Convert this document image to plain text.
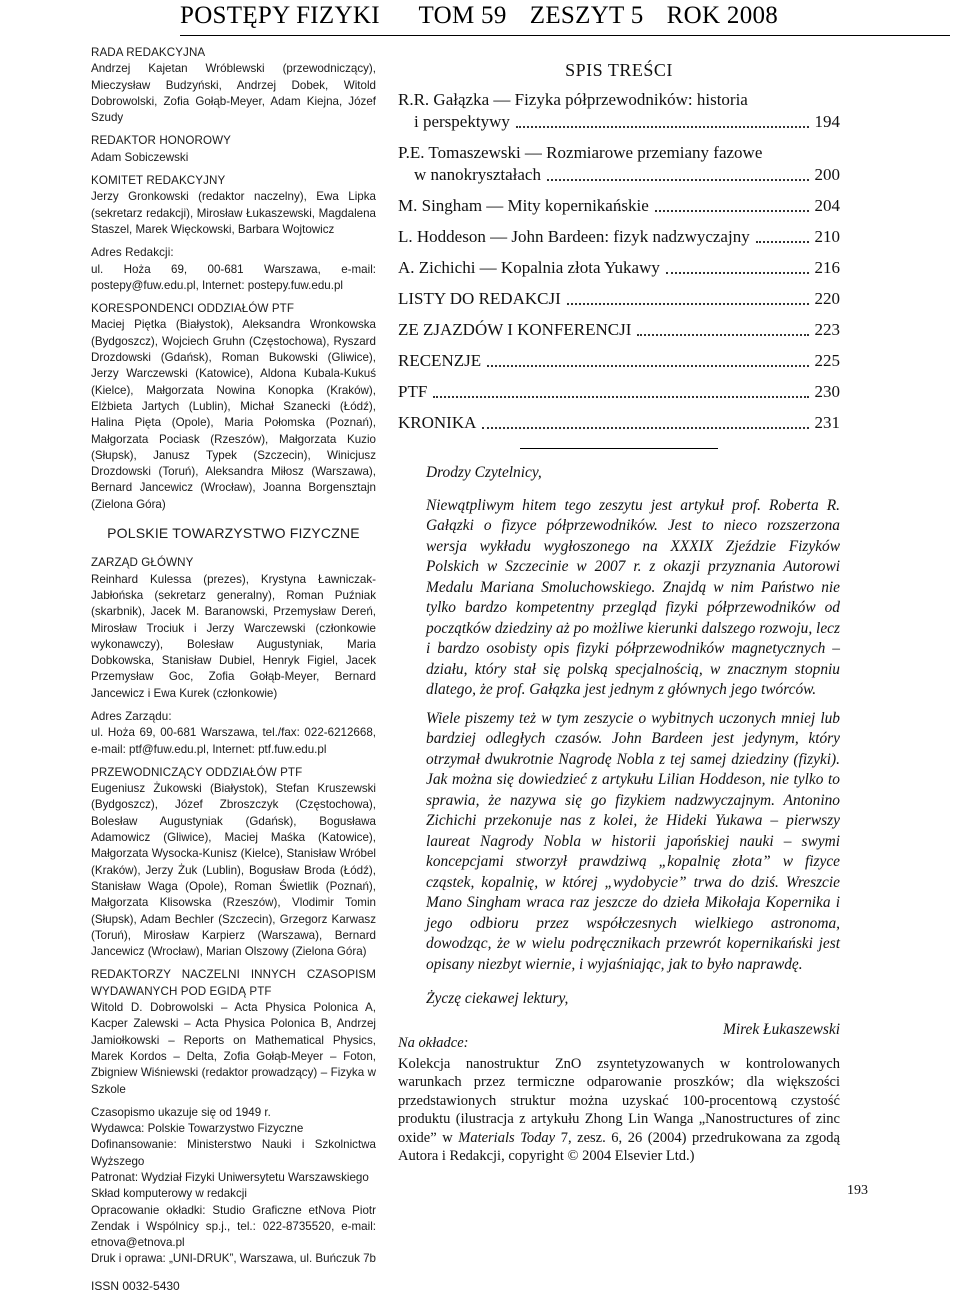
POSTĘPY FIZYKI TOM 59 ZESZYT 5 ROK 2008
RADA REDAKCYJNA

Andrzej Kajetan Wróblewski (przewodniczący), Mieczysław Budzyński, Andrzej Dobek, Witold Dobrowolski, Zofia Gołąb-Meyer, Adam Kiejna, Józef Szudy

REDAKTOR HONOROWY

Adam Sobiczewski

KOMITET REDAKCYJNY

Jerzy Gronkowski (redaktor naczelny), Ewa Lipka (sekretarz redakcji), Mirosław Łukaszewski, Magdalena Staszel, Marek Więckowski, Barbara Wojtowicz

Adres Redakcji:

ul. Hoża 69, 00-681 Warszawa, e-mail: postepy@fuw.edu.pl, Internet: postepy.fuw.edu.pl

KORESPONDENCI ODDZIAŁÓW PTF

Maciej Piętka (Białystok), Aleksandra Wronkowska (Bydgoszcz), Wojciech Gruhn (Częstochowa), Ryszard Drozdowski (Gdańsk), Roman Bukowski (Gliwice), Jerzy Warczewski (Katowice), Aldona Kubala-Kukuś (Kielce), Małgorzata Nowina Konopka (Kraków), Elżbieta Jartych (Lublin), Michał Szanecki (Łódź), Halina Pięta (Opole), Maria Połomska (Poznań), Małgorzata Pociask (Rzeszów), Małgorzata Kuzio (Słupsk), Janusz Typek (Szczecin), Winicjusz Drozdowski (Toruń), Aleksandra Miłosz (Warszawa), Bernard Jancewicz (Wrocław), Joanna Borgensztajn (Zielona Góra)

POLSKIE TOWARZYSTWO FIZYCZNE
ZARZĄD GŁÓWNY

Reinhard Kulessa (prezes), Krystyna Ławniczak-Jabłońska (sekretarz generalny), Roman Puźniak (skarbnik), Jacek M. Baranowski, Przemysław Dereń, Mirosław Trociuk i Jerzy Warczewski (członkowie wykonawczy), Bolesław Augustyniak, Maria Dobkowska, Stanisław Dubiel, Henryk Figiel, Jacek Przemysław Goc, Zofia Gołąb-Meyer, Bernard Jancewicz i Ewa Kurek (członkowie)

Adres Zarządu:

ul. Hoża 69, 00-681 Warszawa, tel./fax: 022-6212668, e-mail: ptf@fuw.edu.pl, Internet: ptf.fuw.edu.pl

PRZEWODNICZĄCY ODDZIAŁÓW PTF

Eugeniusz Żukowski (Białystok), Stefan Kruszewski (Bydgoszcz), Józef Zbroszczyk (Częstochowa), Bolesław Augustyniak (Gdańsk), Bogusława Adamowicz (Gliwice), Maciej Maśka (Katowice), Małgorzata Wysocka-Kunisz (Kielce), Stanisław Wróbel (Kraków), Jerzy Żuk (Lublin), Bogusław Broda (Łódź), Stanisław Waga (Opole), Roman Świetlik (Poznań), Małgorzata Klisowska (Rzeszów), Vlodimir Tomin (Słupsk), Adam Bechler (Szczecin), Grzegorz Karwasz (Toruń), Mirosław Karpierz (Warszawa), Bernard Jancewicz (Wrocław), Marian Olszowy (Zielona Góra)

REDAKTORZY NACZELNI INNYCH CZASOPISM WYDAWANYCH POD EGIDĄ PTF

Witold D. Dobrowolski – Acta Physica Polonica A, Kacper Zalewski – Acta Physica Polonica B, Andrzej Jamiołkowski – Reports on Mathematical Physics, Marek Kordos – Delta, Zofia Gołąb-Meyer – Foton, Zbigniew Wiśniewski (redaktor prowadzący) – Fizyka w Szkole

Czasopismo ukazuje się od 1949 r.

Wydawca: Polskie Towarzystwo Fizyczne

Dofinansowanie: Ministerstwo Nauki i Szkolnictwa Wyższego

Patronat: Wydział Fizyki Uniwersytetu Warszawskiego

Skład komputerowy w redakcji

Opracowanie okładki: Studio Graficzne etNova Piotr Zendak i Wspólnicy sp.j., tel.: 022-8735520, e-mail: etnova@etnova.pl

Druk i oprawa: „UNI-DRUK”, Warszawa, ul. Buńczuk 7b

ISSN 0032-5430
SPIS TREŚCI
R.R. Gałązka — Fizyka półprzewodników: historia
i perspektywy	194
P.E. Tomaszewski — Rozmiarowe przemiany fazowe
w nanokryształach	200
M. Singham — Mity kopernikańskie	204
L. Hoddeson — John Bardeen: fizyk nadzwyczajny	210
A. Zichichi — Kopalnia złota Yukawy	216
LISTY DO REDAKCJI	220
ZE ZJAZDÓW I KONFERENCJI	223
RECENZJE	225
PTF	230
KRONIKA	231

Drodzy Czytelnicy,

Niewątpliwym hitem tego zeszytu jest artykuł prof. Roberta R. Gałązki o fizyce półprzewodników. Jest to nieco rozszerzona wersja wykładu wygłoszonego na XXXIX Zjeździe Fizyków Polskich w Szczecinie w 2007 r. z okazji przyznania Autorowi Medalu Mariana Smoluchowskiego. Znajdą w nim Państwo nie tylko bardzo kompetentny przegląd fizyki półprzewodników od początków dziedziny aż po możliwe kierunki dalszego rozwoju, lecz i bardzo osobisty opis fizyki półprzewodników magnetycznych – działu, który stał się polską specjalnością, w znacznym stopniu dlatego, że prof. Gałązka jest jednym z głównych jego twórców.

Wiele piszemy też w tym zeszycie o wybitnych uczonych mniej lub bardziej odległych czasów. John Bardeen jest jedynym, który otrzymał dwukrotnie Nagrodę Nobla z tej samej dziedziny (fizyki). Jak można się dowiedzieć z artykułu Lilian Hoddeson, nie tylko to sprawia, że nazywa się go fizykiem nadzwyczajnym. Antonino Zichichi przekonuje nas z kolei, że Hideki Yukawa – pierwszy laureat Nagrody Nobla w historii japońskiej nauki – swymi koncepcjami stworzył prawdziwą „kopalnię złota” w fizyce cząstek, kopalnię, w której „wydobycie” trwa do dziś. Wreszcie Mano Singham wraca raz jeszcze do dzieła Mikołaja Kopernika i jego odbioru przez współczesnych wielkiego astronoma, dowodząc, że w wielu podręcznikach przewrót kopernikański jest opisany niezbyt wiernie, i wyjaśniając, jak to było naprawdę.

Życzę ciekawej lektury,

Mirek Łukaszewski

Na okładce:
Kolekcja nanostruktur ZnO zsyntetyzowanych w kontrolowanych warunkach przez termiczne odparowanie proszków; dla większości przedstawionych struktur można uzyskać 100-procentową czystość produktu (ilustracja z artykułu Zhong Lin Wanga „Nanostructures of zinc oxide” w Materials Today 7, zesz. 6, 26 (2004) przedrukowana za zgodą Autora i Redakcji, copyright © 2004 Elsevier Ltd.)
193
